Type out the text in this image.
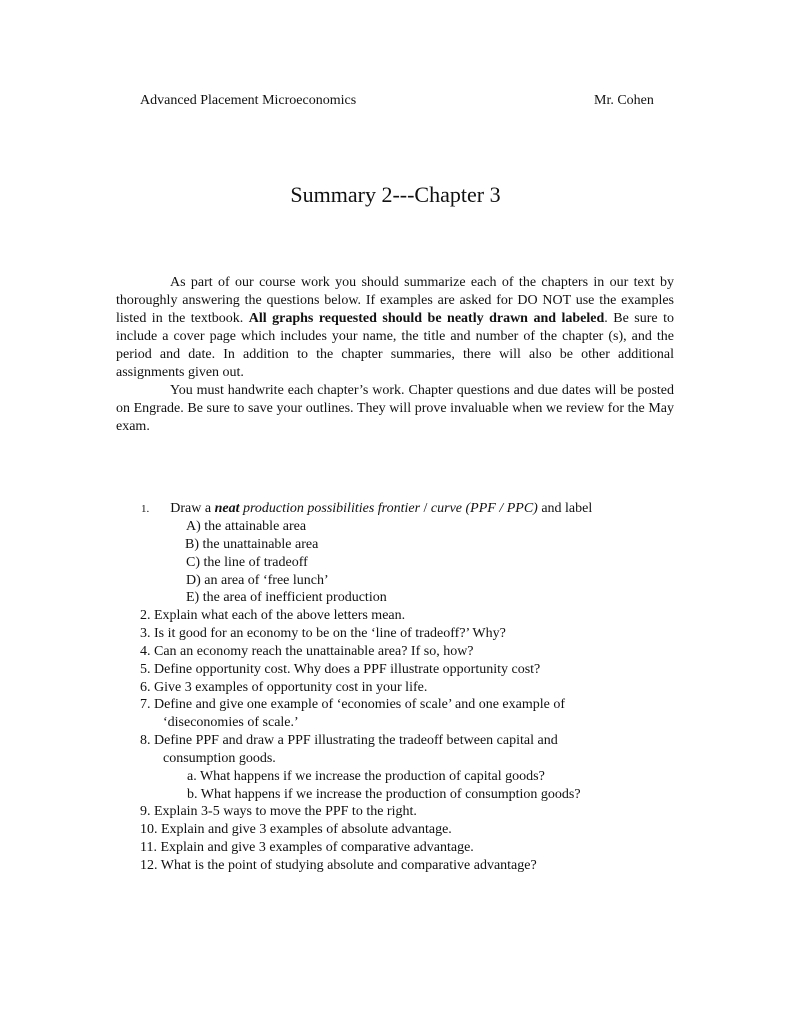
Advanced Placement Microeconomics	Mr. Cohen
Summary 2---Chapter 3

As part of our course work you should summarize each of the chapters in our text by thoroughly answering the questions below. If examples are asked for DO NOT use the examples listed in the textbook. All graphs requested should be neatly drawn and labeled. Be sure to include a cover page which includes your name, the title and number of the chapter (s), and the period and date. In addition to the chapter summaries, there will also be other additional assignments given out.

You must handwrite each chapter’s work. Chapter questions and due dates will be posted on Engrade. Be sure to save your outlines. They will prove invaluable when we review for the May exam.

1. Draw a neat production possibilities frontier / curve (PPF / PPC) and label
A) the attainable area
B) the unattainable area
C) the line of tradeoff
D) an area of ‘free lunch’
E) the area of inefficient production
2. Explain what each of the above letters mean.
3. Is it good for an economy to be on the ‘line of tradeoff?’ Why?
4. Can an economy reach the unattainable area? If so, how?
5. Define opportunity cost. Why does a PPF illustrate opportunity cost?
6. Give 3 examples of opportunity cost in your life.
7. Define and give one example of ‘economies of scale’ and one example of
‘diseconomies of scale.’
8. Define PPF and draw a PPF illustrating the tradeoff between capital and
consumption goods.
a. What happens if we increase the production of capital goods?
b. What happens if we increase the production of consumption goods?
9. Explain 3-5 ways to move the PPF to the right.
10. Explain and give 3 examples of absolute advantage.
11. Explain and give 3 examples of comparative advantage.
12. What is the point of studying absolute and comparative advantage?
